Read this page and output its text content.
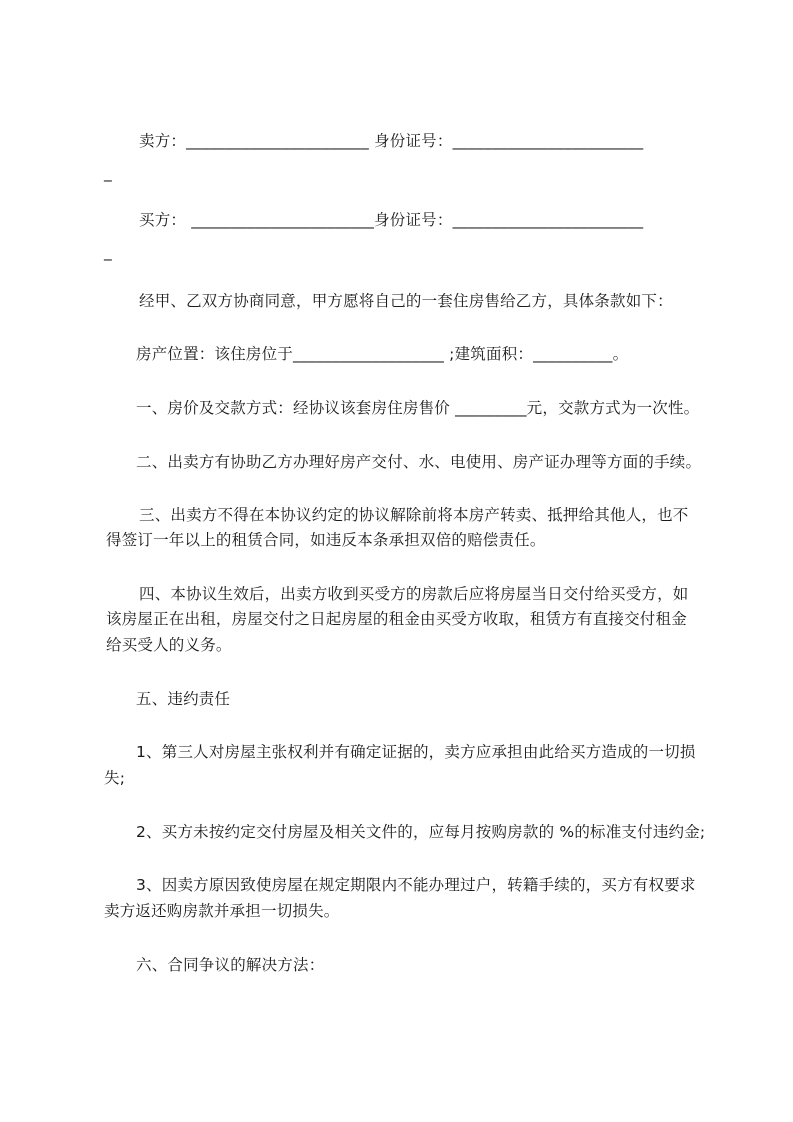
卖方：_______________________ 身份证号：________________________
_
买方： _______________________身份证号：________________________
_
经甲、乙双方协商同意，甲方愿将自己的一套住房售给乙方，具体条款如下：
房产位置：该住房位于___________________ ;建筑面积：__________。
一、房价及交款方式：经协议该套房住房售价 _________元，交款方式为一次性。
二、出卖方有协助乙方办理好房产交付、水、电使用、房产证办理等方面的手续。
三、出卖方不得在本协议约定的协议解除前将本房产转卖、抵押给其他人，也不
得签订一年以上的租赁合同，如违反本条承担双倍的赔偿责任。
四、本协议生效后，出卖方收到买受方的房款后应将房屋当日交付给买受方，如
该房屋正在出租，房屋交付之日起房屋的租金由买受方收取，租赁方有直接交付租金
给买受人的义务。
五、违约责任
1、第三人对房屋主张权利并有确定证据的，卖方应承担由此给买方造成的一切损
失;
2、买方未按约定交付房屋及相关文件的，应每月按购房款的 %的标准支付违约金;
3、因卖方原因致使房屋在规定期限内不能办理过户，转籍手续的，买方有权要求
卖方返还购房款并承担一切损失。
六、合同争议的解决方法：
